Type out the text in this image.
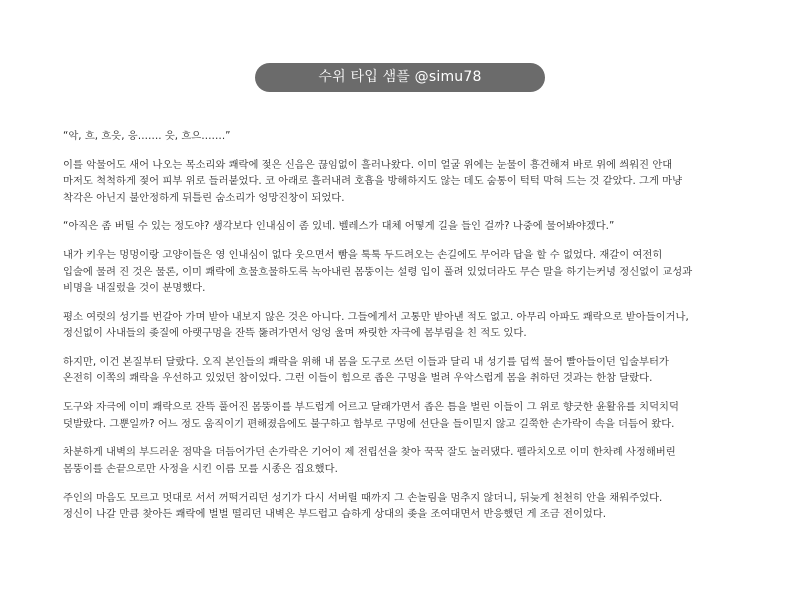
수위 타입 샘플 @simu78

“악, 흐, 흐읏, 응……. 읏, 흐으…….”

이를 악물어도 새어 나오는 목소리와 쾌락에 젖은 신음은 끊임없이 흘러나왔다. 이미 얼굴 위에는 눈물이 흥건해져 바로 위에 씌워진 안대
마저도 척척하게 젖어 피부 위로 들러붙었다. 코 아래로 흘러내려 호흡을 방해하지도 않는 데도 숨통이 턱턱 막혀 드는 것 같았다. 그게 마냥
착각은 아닌지 불안정하게 뒤틀린 숨소리가 엉망진창이 되었다.

“아직은 좀 버틸 수 있는 정도야? 생각보다 인내심이 좀 있네. 벨레스가 대체 어떻게 길을 들인 걸까? 나중에 물어봐야겠다.”

내가 키우는 멍멍이랑 고양이들은 영 인내심이 없다 웃으면서 빰을 툭툭 두드려오는 손길에도 무어라 답을 할 수 없었다. 재갈이 여전히
입술에 물려 진 것은 물론, 이미 쾌락에 흐물흐물하도록 녹아내린 몸뚱이는 설령 입이 풀려 있었더라도 무슨 말을 하기는커녕 정신없이 교성과
비명을 내질렀을 것이 분명했다.

평소 여럿의 성기를 번갈아 가며 받아 내보지 않은 것은 아니다. 그들에게서 고통만 받아낸 적도 없고. 아무리 아파도 쾌락으로 받아들이거나,
정신없이 사내들의 좆질에 아랫구멍을 잔뜩 뚫려가면서 엉엉 울며 짜릿한 자극에 몸부림을 친 적도 있다.

하지만, 이건 본질부터 달랐다. 오직 본인들의 쾌락을 위해 내 몸을 도구로 쓰던 이들과 달리 내 성기를 덥썩 물어 빨아들이던 입술부터가
온전히 이쪽의 쾌락을 우선하고 있었던 참이었다. 그런 이들이 힘으로 좁은 구멍을 벌려 우악스럽게 몸을 취하던 것과는 한참 달랐다.

도구와 자극에 이미 쾌락으로 잔뜩 풀어진 몸뚱이를 부드럽게 어르고 달래가면서 좁은 틈을 벌린 이들이 그 위로 향긋한 윤활유를 치덕치덕
덧발랐다. 그뿐일까? 어느 정도 움직이기 편해졌음에도 불구하고 함부로 구멍에 선단을 들이밀지 않고 길쭉한 손가락이 속을 더듬어 왔다.

차분하게 내벽의 부드러운 점막을 더듬어가던 손가락은 기어이 제 전립선을 찾아 꾹꾹 잘도 눌러댔다. 펠라치오로 이미 한차례 사정해버린
몸뚱이를 손끝으로만 사정을 시킨 이름 모를 시종은 집요했다.

주인의 마음도 모르고 멋대로 서서 꺼떡거리던 성기가 다시 서버릴 때까지 그 손놀림을 멈추지 않더니, 뒤늦게 천천히 안을 채워주었다.
정신이 나갈 만큼 찾아든 쾌락에 벌벌 떨리던 내벽은 부드럽고 습하게 상대의 좆을 조여대면서 반응했던 게 조금 전이었다.
